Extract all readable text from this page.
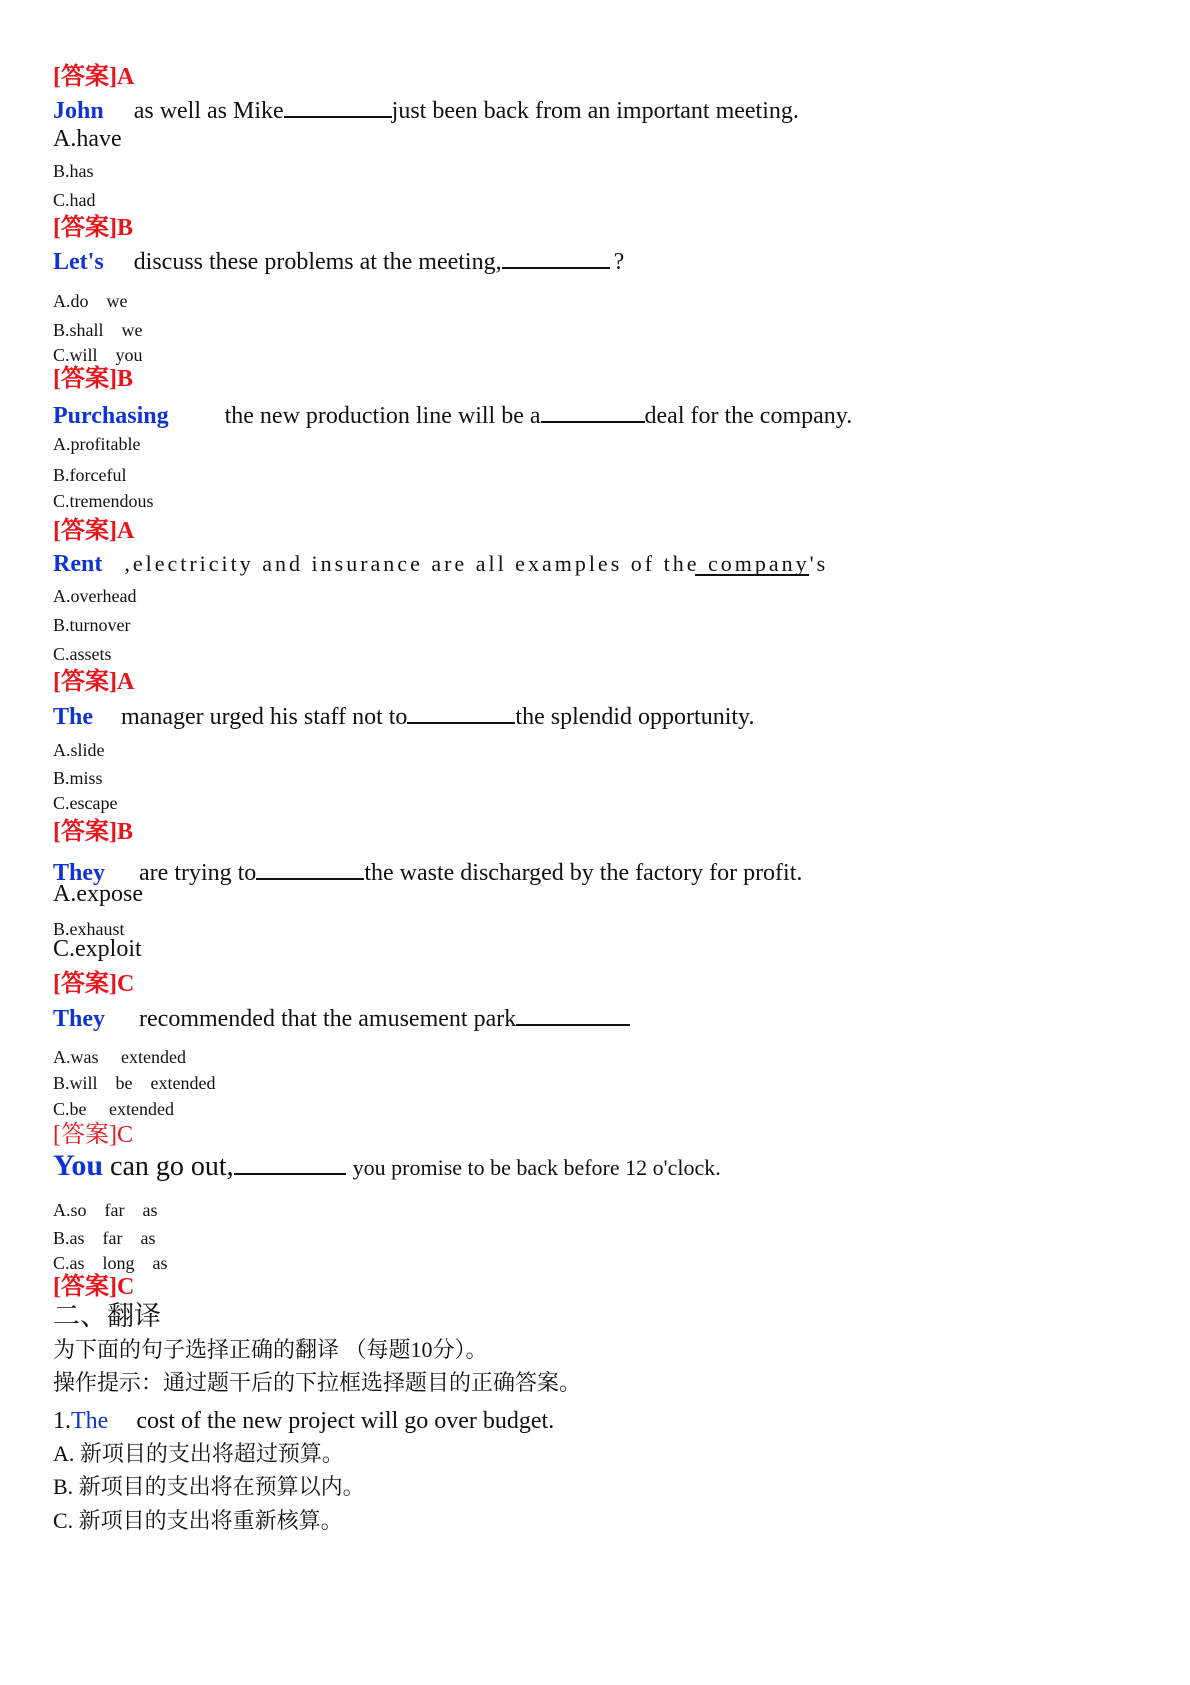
[答案]A
John as well as Mike	just been back from an important meeting.
A.have
B.has
C.had
[答案]B
Let's discuss these problems at the meeting,	?
A.do　we
B.shall　we
C.will　you
[答案]B
Purchasing the new production line will be a	deal for the company.
A.profitable
B.forceful
C.tremendous
[答案]A
Rent ,electricity and insurance are all examples of the company's
A.overhead
B.turnover
C.assets
[答案]A
The manager urged his staff not to	the splendid opportunity.
A.slide
B.miss
C.escape
[答案]B
They are trying to	the waste discharged by the factory for profit.
A.expose
B.exhaust
C.exploit
[答案]C
They recommended that the amusement park
A.was　 extended
B.will　be　extended
C.be　 extended
[答案]C
You can go out,	you promise to be back before 12 o'clock.
A.so　far　as
B.as　far　as
C.as　long　as
[答案]C
二、翻译
为下面的句子选择正确的翻译 （每题10分）。
操作提示：通过题干后的下拉框选择题目的正确答案。
1.The cost of the new project will go over budget.
A. 新项目的支出将超过预算。
B. 新项目的支出将在预算以内。
C. 新项目的支出将重新核算。
